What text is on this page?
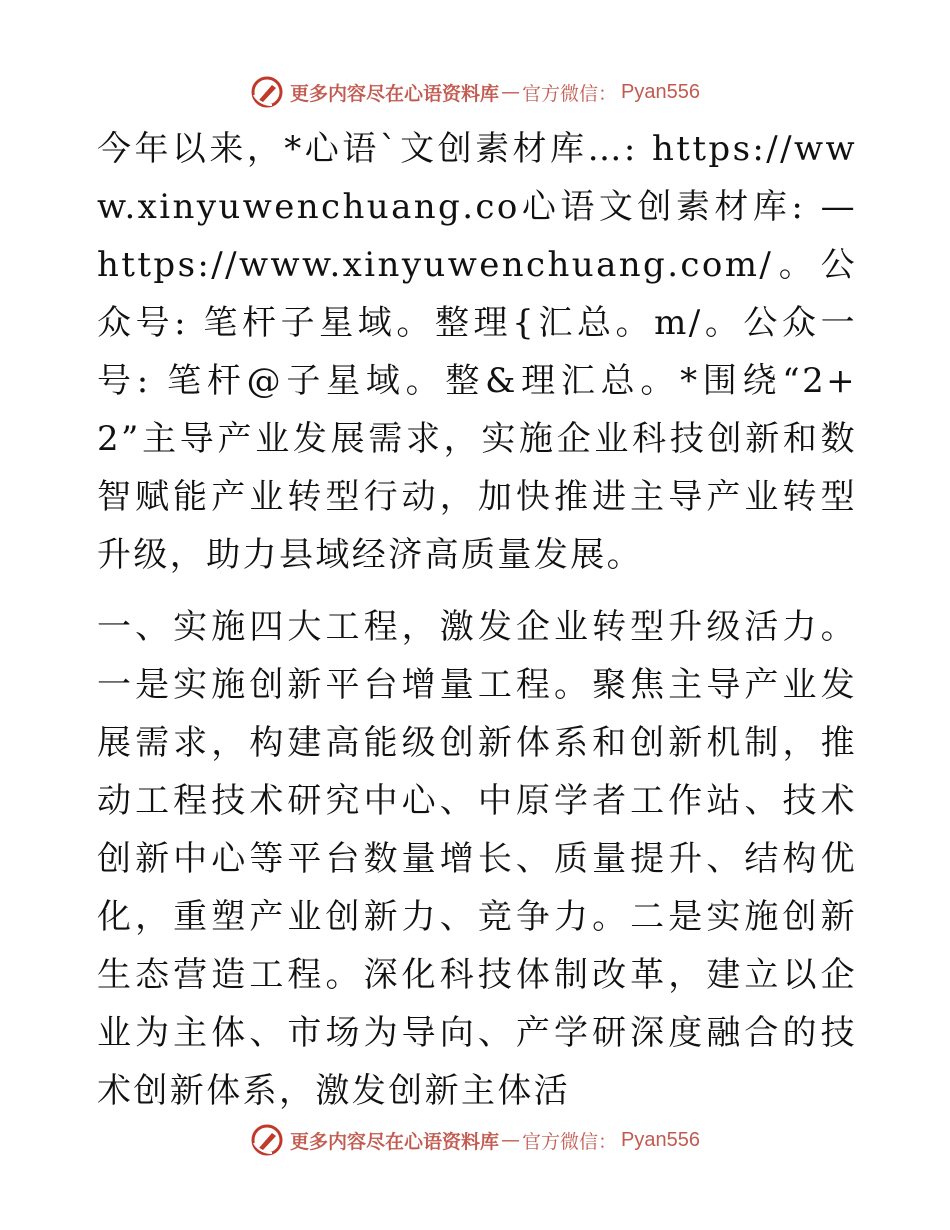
更多内容尽在心语资料库 — 官方微信： Pyan556

今年以来，*心语`文创素材库…: https://www.xinyuwenchuang.co心语文创素材库: —https://www.xinyuwenchuang.com/。公众号: 笔杆子星域。整理{汇总。m/。公众一号: 笔杆@子星域。整&理汇总。*围绕“2+2”主导产业发展需求，实施企业科技创新和数智赋能产业转型行动，加快推进主导产业转型升级，助力县域经济高质量发展。

一、实施四大工程，激发企业转型升级活力。一是实施创新平台增量工程。聚焦主导产业发展需求，构建高能级创新体系和创新机制，推动工程技术研究中心、中原学者工作站、技术创新中心等平台数量增长、质量提升、结构优化，重塑产业创新力、竞争力。二是实施创新生态营造工程。深化科技体制改革，建立以企业为主体、市场为导向、产学研深度融合的技术创新体系，激发创新主体活

更多内容尽在心语资料库 — 官方微信： Pyan556
